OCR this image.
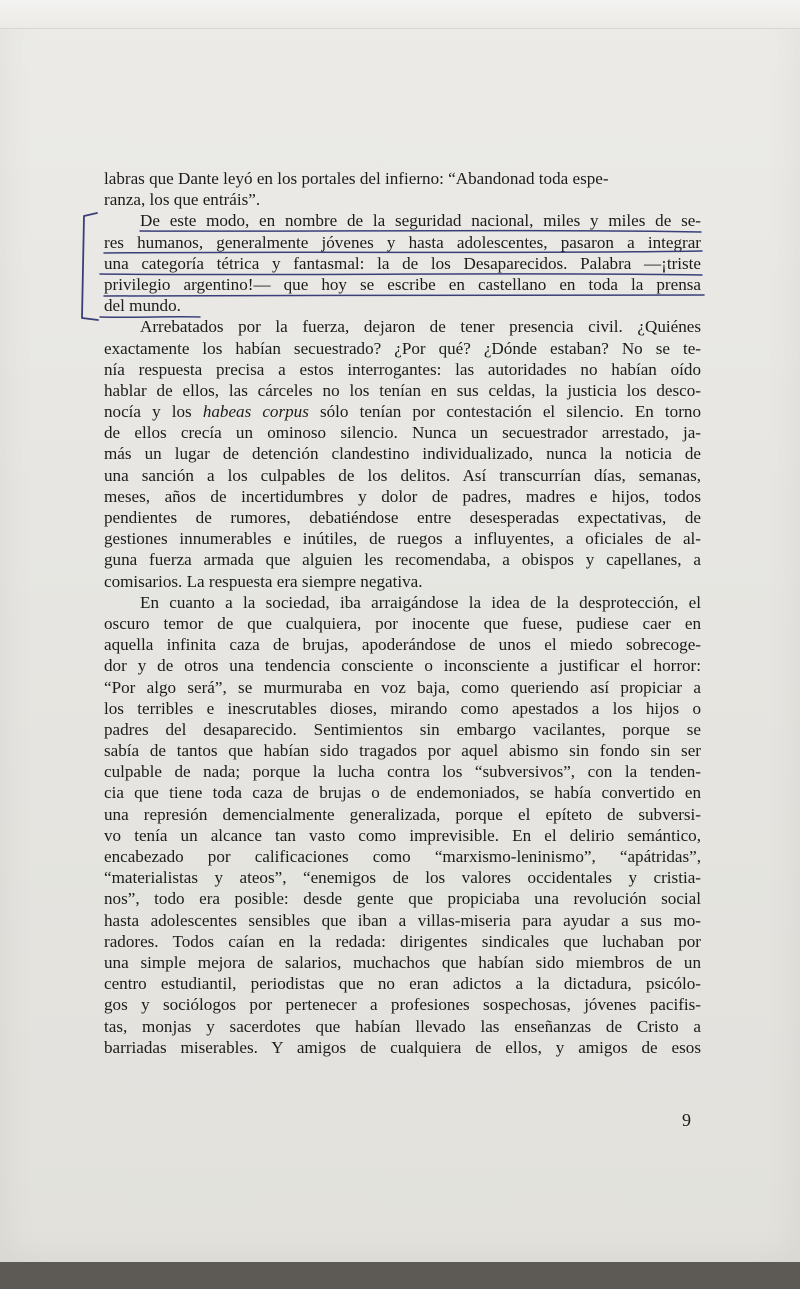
labras que Dante leyó en los portales del infierno: “Abandonad toda espe-
ranza, los que entráis”.
De este modo, en nombre de la seguridad nacional, miles y miles de se-
res humanos, generalmente jóvenes y hasta adolescentes, pasaron a integrar
una categoría tétrica y fantasmal: la de los Desaparecidos. Palabra —¡triste
privilegio argentino!— que hoy se escribe en castellano en toda la prensa
del mundo.
Arrebatados por la fuerza, dejaron de tener presencia civil. ¿Quiénes
exactamente los habían secuestrado? ¿Por qué? ¿Dónde estaban? No se te-
nía respuesta precisa a estos interrogantes: las autoridades no habían oído
hablar de ellos, las cárceles no los tenían en sus celdas, la justicia los desco-
nocía y los habeas corpus sólo tenían por contestación el silencio. En torno
de ellos crecía un ominoso silencio. Nunca un secuestrador arrestado, ja-
más un lugar de detención clandestino individualizado, nunca la noticia de
una sanción a los culpables de los delitos. Así transcurrían días, semanas,
meses, años de incertidumbres y dolor de padres, madres e hijos, todos
pendientes de rumores, debatiéndose entre desesperadas expectativas, de
gestiones innumerables e inútiles, de ruegos a influyentes, a oficiales de al-
guna fuerza armada que alguien les recomendaba, a obispos y capellanes, a
comisarios. La respuesta era siempre negativa.
En cuanto a la sociedad, iba arraigándose la idea de la desprotección, el
oscuro temor de que cualquiera, por inocente que fuese, pudiese caer en
aquella infinita caza de brujas, apoderándose de unos el miedo sobrecoge-
dor y de otros una tendencia consciente o inconsciente a justificar el horror:
“Por algo será”, se murmuraba en voz baja, como queriendo así propiciar a
los terribles e inescrutables dioses, mirando como apestados a los hijos o
padres del desaparecido. Sentimientos sin embargo vacilantes, porque se
sabía de tantos que habían sido tragados por aquel abismo sin fondo sin ser
culpable de nada; porque la lucha contra los “subversivos”, con la tenden-
cia que tiene toda caza de brujas o de endemoniados, se había convertido en
una represión demencialmente generalizada, porque el epíteto de subversi-
vo tenía un alcance tan vasto como imprevisible. En el delirio semántico,
encabezado por calificaciones como “marxismo-leninismo”, “apátridas”,
“materialistas y ateos”, “enemigos de los valores occidentales y cristia-
nos”, todo era posible: desde gente que propiciaba una revolución social
hasta adolescentes sensibles que iban a villas-miseria para ayudar a sus mo-
radores. Todos caían en la redada: dirigentes sindicales que luchaban por
una simple mejora de salarios, muchachos que habían sido miembros de un
centro estudiantil, periodistas que no eran adictos a la dictadura, psicólo-
gos y sociólogos por pertenecer a profesiones sospechosas, jóvenes pacifis-
tas, monjas y sacerdotes que habían llevado las enseñanzas de Cristo a
barriadas miserables. Y amigos de cualquiera de ellos, y amigos de esos
9
